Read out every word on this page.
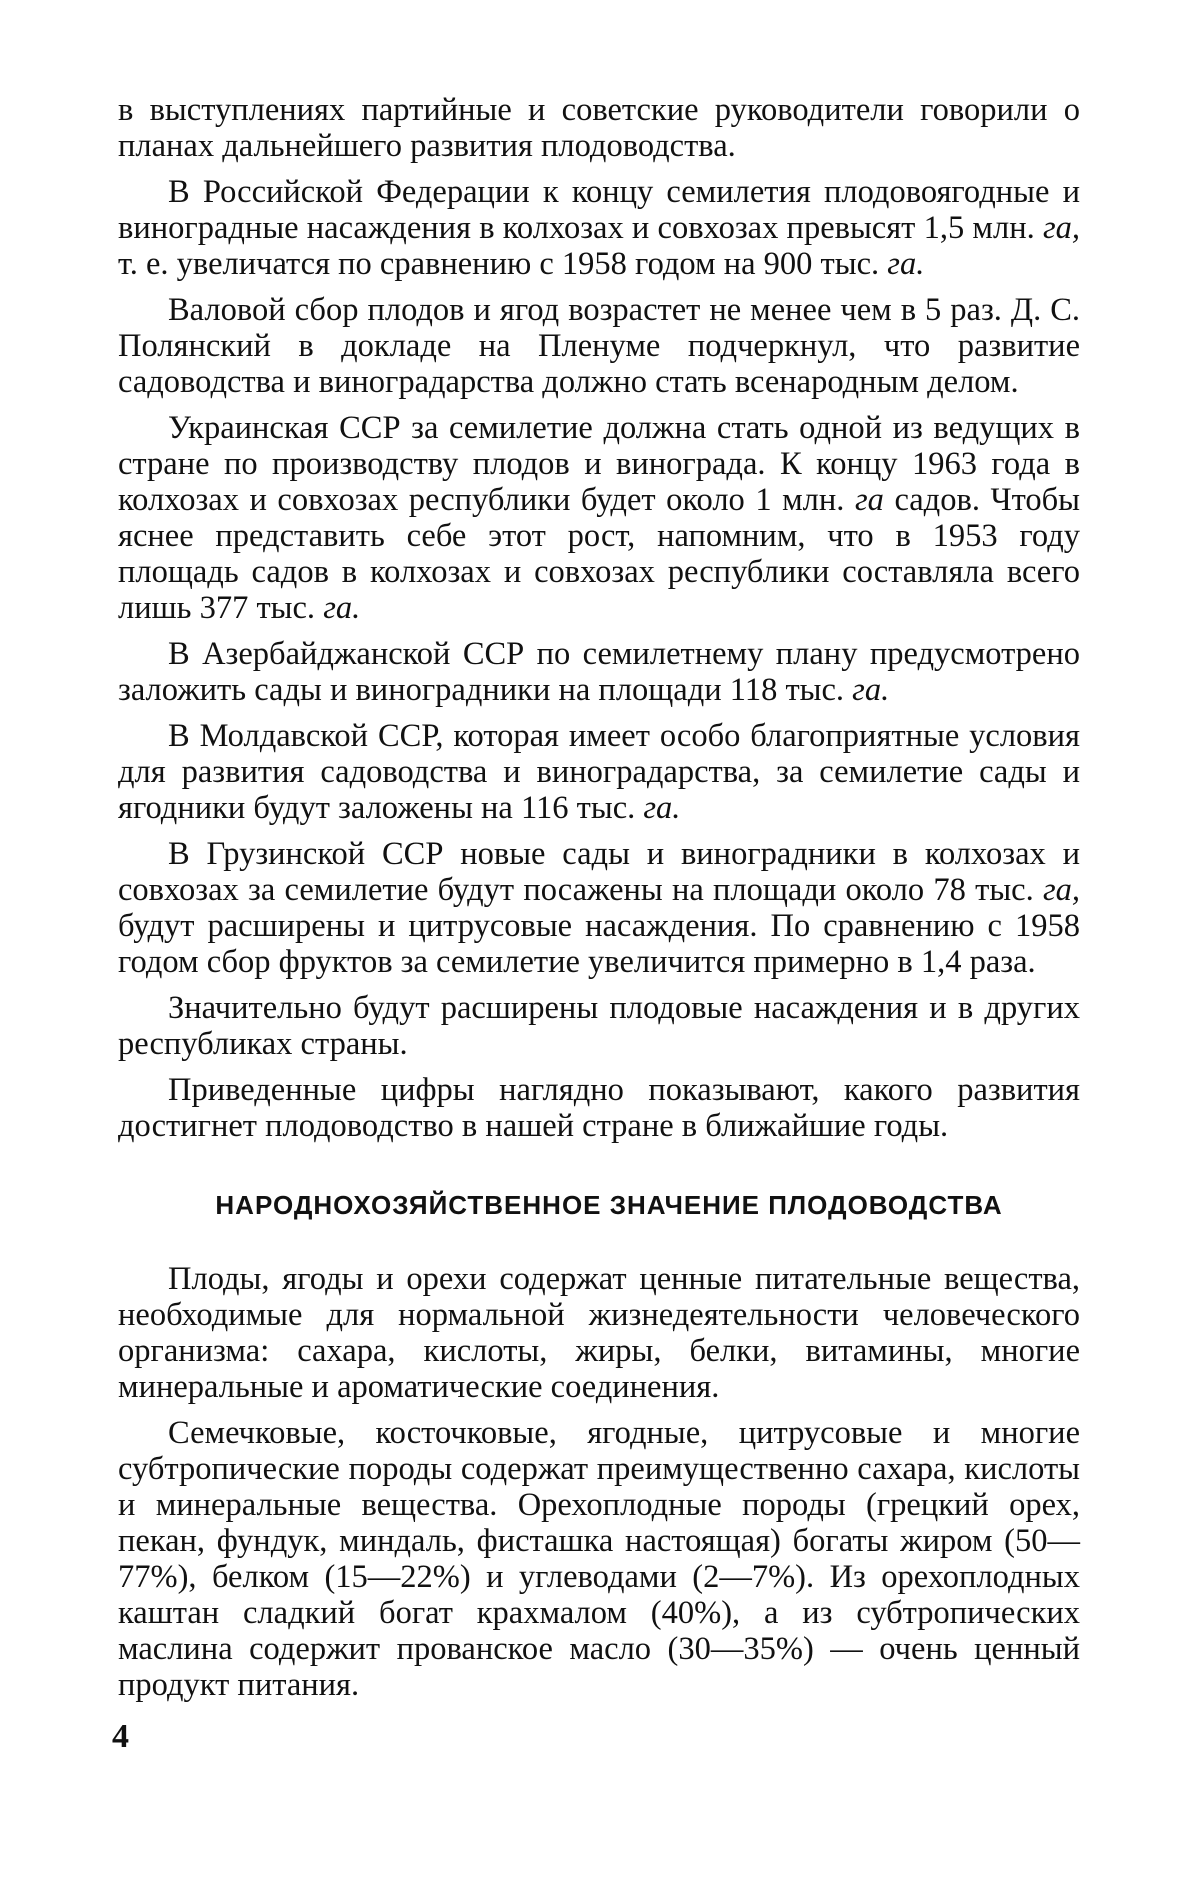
в выступлениях партийные и советские руководители говори­ли о планах дальнейшего развития плодоводства.

В Российской Федерации к концу семилетия плодово­ягодные и виноградные насаждения в колхозах и совхозах превысят 1,5 млн. га, т. е. увеличатся по сравнению с 1958 годом на 900 тыс. га.

Валовой сбор плодов и ягод возрастет не менее чем в 5 раз. Д. С. Полянский в докладе на Пленуме подчеркнул, что раз­витие садоводства и виноградарства должно стать всенарод­ным делом.

Украинская ССР за семилетие должна стать одной из ве­дущих в стране по производству плодов и винограда. К кон­цу 1963 года в колхозах и совхозах республики будет около 1 млн. га садов. Чтобы яснее представить себе этот рост, на­помним, что в 1953 году площадь садов в колхозах и совхо­зах республики составляла всего лишь 377 тыс. га.

В Азербайджанской ССР по семилетнему плану преду­смотрено заложить сады и виноградники на площади 118 тыс. га.

В Молдавской ССР, которая имеет особо благоприятные условия для развития садоводства и виноградарства, за се­милетие сады и ягодники будут заложены на 116 тыс. га.

В Грузинской ССР новые сады и виноградники в колхо­зах и совхозах за семилетие будут посажены на площади около 78 тыс. га, будут расширены и цитрусовые насажде­ния. По сравнению с 1958 годом сбор фруктов за семилетие увеличится примерно в 1,4 раза.

Значительно будут расширены плодовые насаждения и в других республиках страны.

Приведенные цифры наглядно показывают, какого разви­тия достигнет плодоводство в нашей стране в ближайшие годы.

НАРОДНОХОЗЯЙСТВЕННОЕ ЗНАЧЕНИЕ ПЛОДОВОДСТВА

Плоды, ягоды и орехи содержат ценные питательные ве­щества, необходимые для нормальной жизнедеятельности че­ловеческого организма: сахара, кислоты, жиры, белки, вита­мины, многие минеральные и ароматические соединения.

Семечковые, косточковые, ягодные, цитрусовые и многие субтропические породы содержат преимущественно сахара, кислоты и минеральные вещества. Орехоплодные породы (грецкий орех, пекан, фундук, миндаль, фисташка настоя­щая) богаты жиром (50—77%), белком (15—22%) и угле­водами (2—7%). Из орехоплодных каштан сладкий богат крахмалом (40%), а из субтропических маслина содержит прованское масло (30—35%) — очень ценный продукт пита­ния.

4
